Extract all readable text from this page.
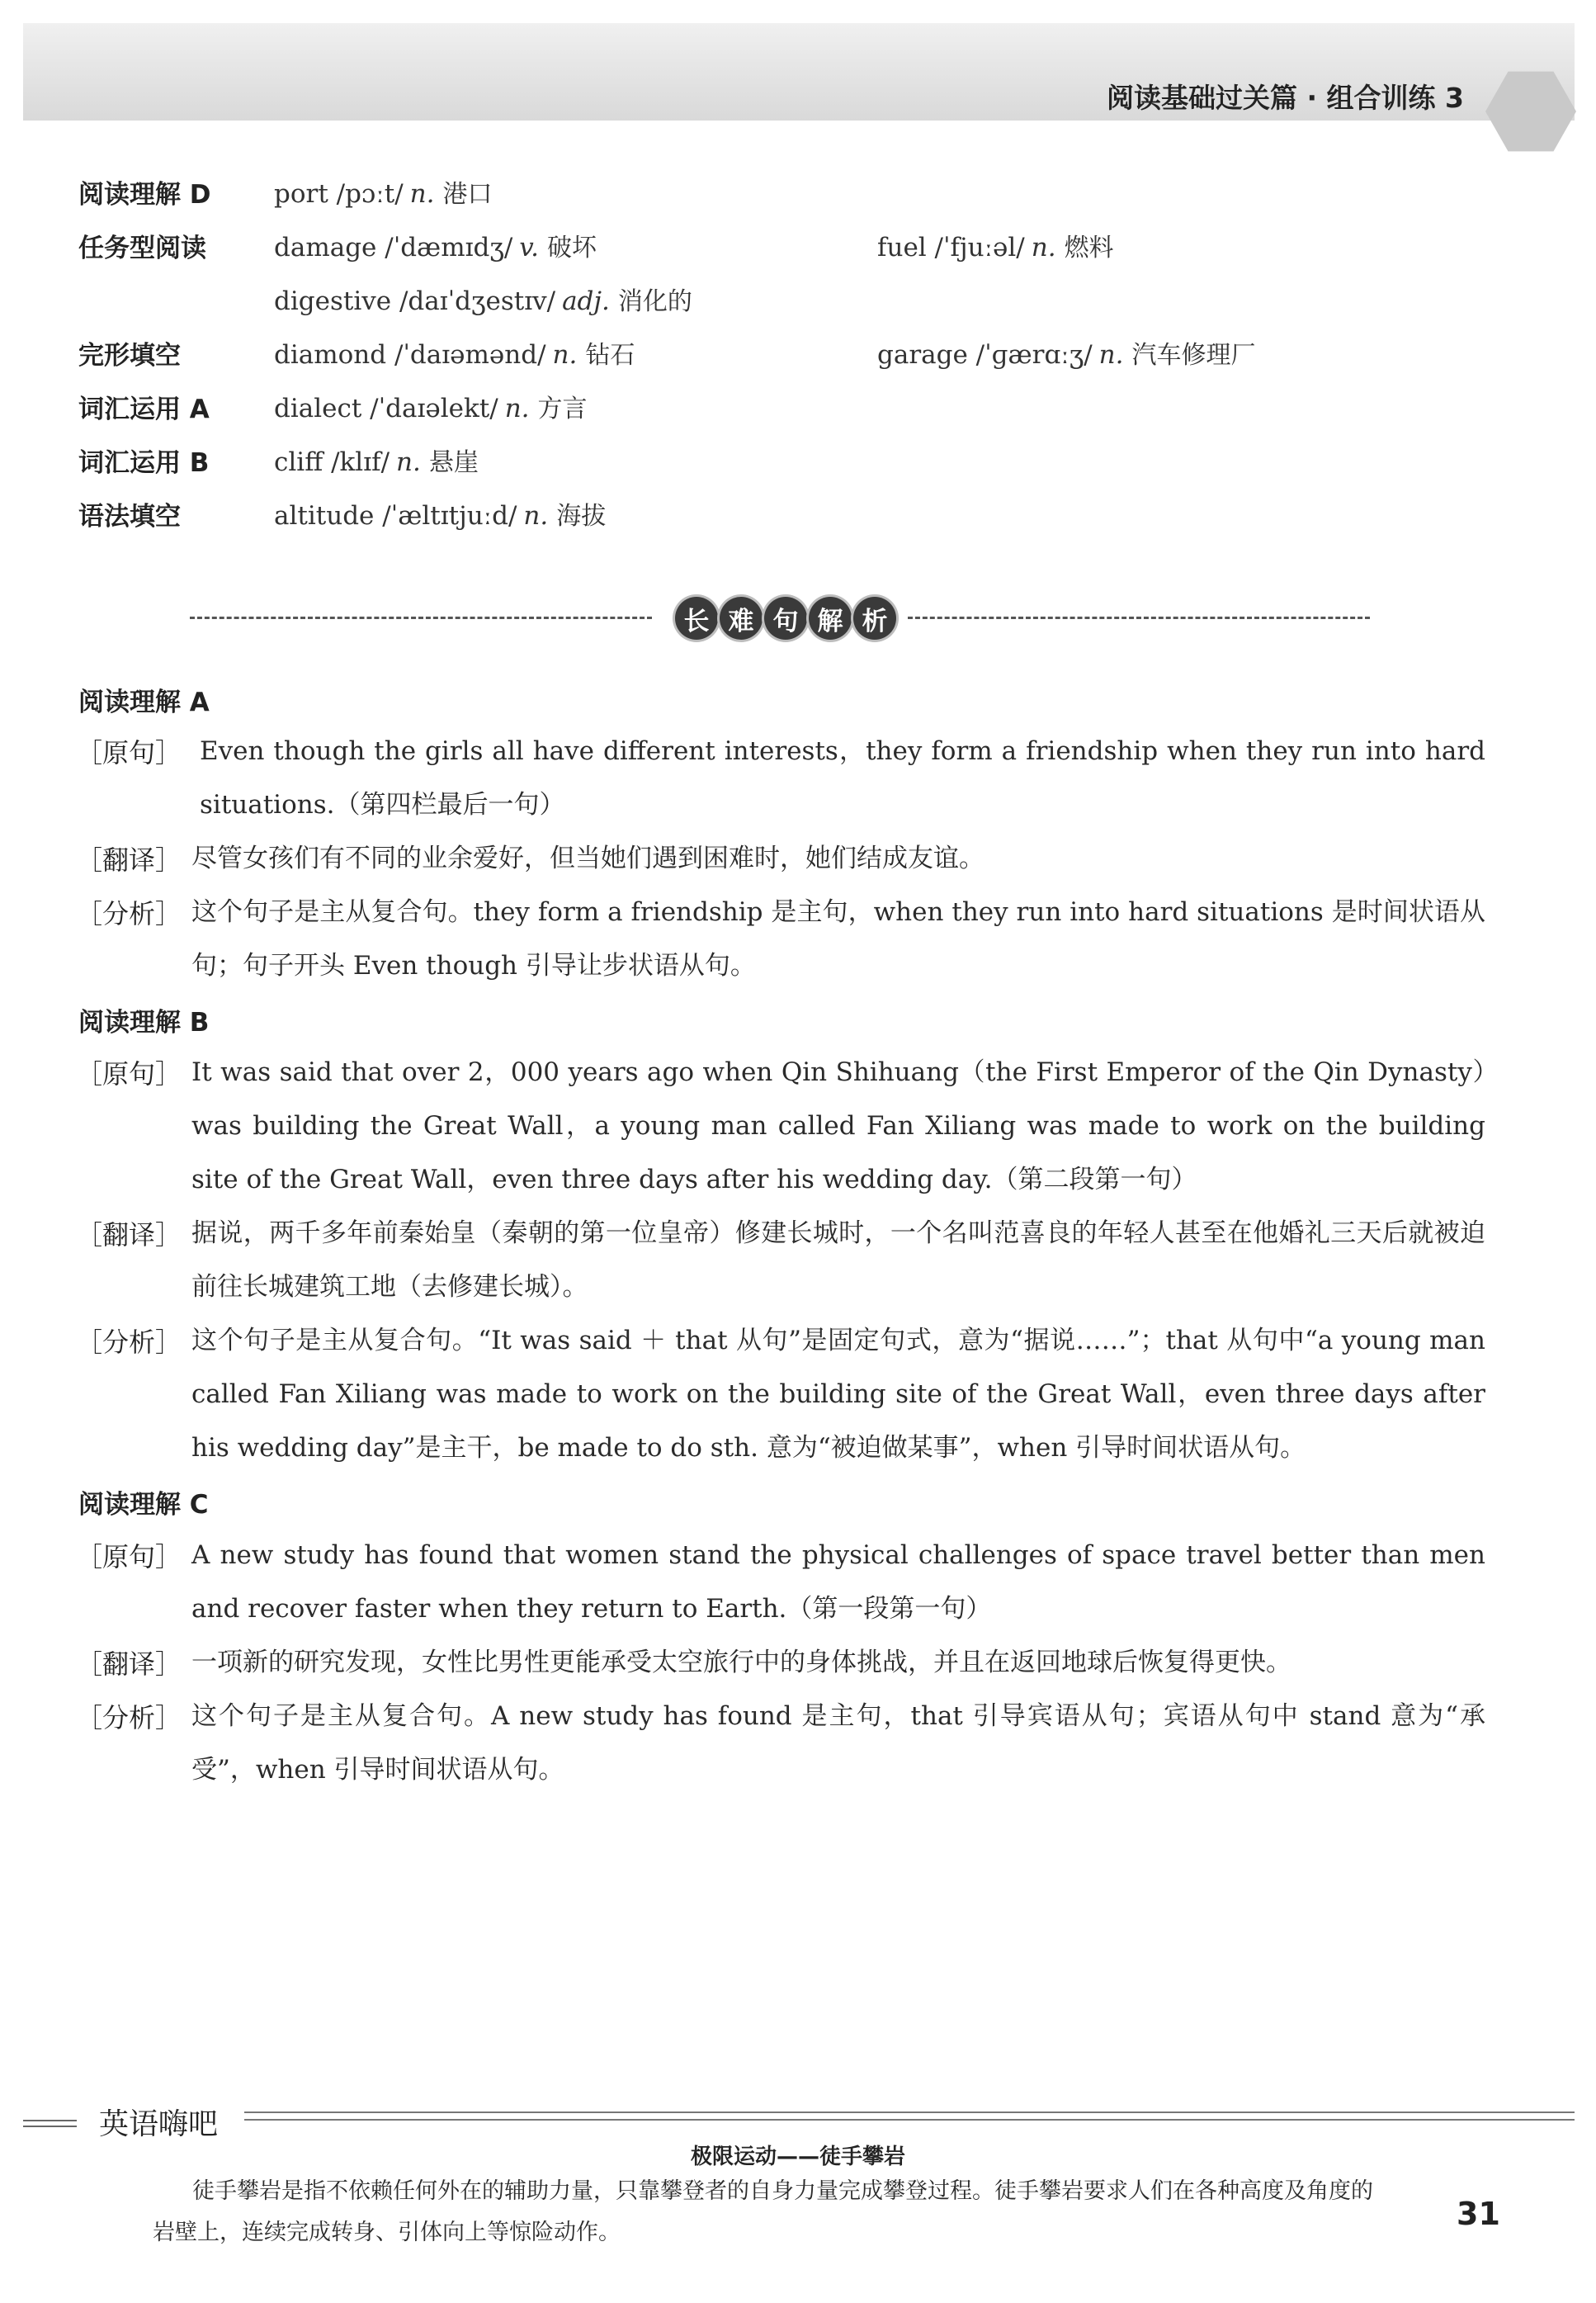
阅读基础过关篇 · 组合训练 3
阅读理解 D port /pɔːt/ n. 港口
任务型阅读	damage /ˈdæmɪdʒ/ v. 破坏	fuel /ˈfjuːəl/ n. 燃料
digestive /daɪˈdʒestɪv/ adj. 消化的
完形填空	diamond /ˈdaɪəmənd/ n. 钻石	garage /ˈɡærɑːʒ/ n. 汽车修理厂
词汇运用 A	dialect /ˈdaɪəlekt/ n. 方言
词汇运用 B	cliff /klɪf/ n. 悬崖
语法填空	altitude /ˈæltɪtjuːd/ n. 海拔
长 难 句 解 析
阅读理解 A
［原句］ Even though the girls all have different interests，they form a friendship when they run into hard situations.（第四栏最后一句）
［翻译］ 尽管女孩们有不同的业余爱好，但当她们遇到困难时，她们结成友谊。
［分析］ 这个句子是主从复合句。they form a friendship 是主句，when they run into hard situations 是时间状语从句；句子开头 Even though 引导让步状语从句。
阅读理解 B
［原句］ It was said that over 2，000 years ago when Qin Shihuang（the First Emperor of the Qin Dynasty）was building the Great Wall，a young man called Fan Xiliang was made to work on the building site of the Great Wall，even three days after his wedding day.（第二段第一句）
［翻译］ 据说，两千多年前秦始皇（秦朝的第一位皇帝）修建长城时，一个名叫范喜良的年轻人甚至在他婚礼三天后就被迫前往长城建筑工地（去修建长城）。
［分析］ 这个句子是主从复合句。“It was said ＋ that 从句”是固定句式，意为“据说……”；that 从句中“a young man called Fan Xiliang was made to work on the building site of the Great Wall，even three days after his wedding day”是主干，be made to do sth. 意为“被迫做某事”，when 引导时间状语从句。
阅读理解 C
［原句］ A new study has found that women stand the physical challenges of space travel better than men and recover faster when they return to Earth.（第一段第一句）
［翻译］ 一项新的研究发现，女性比男性更能承受太空旅行中的身体挑战，并且在返回地球后恢复得更快。
［分析］ 这个句子是主从复合句。A new study has found 是主句，that 引导宾语从句；宾语从句中 stand 意为“承受”，when 引导时间状语从句。
英语嗨吧
极限运动——徒手攀岩
徒手攀岩是指不依赖任何外在的辅助力量，只靠攀登者的自身力量完成攀登过程。徒手攀岩要求人们在各种高度及角度的岩壁上，连续完成转身、引体向上等惊险动作。
31
